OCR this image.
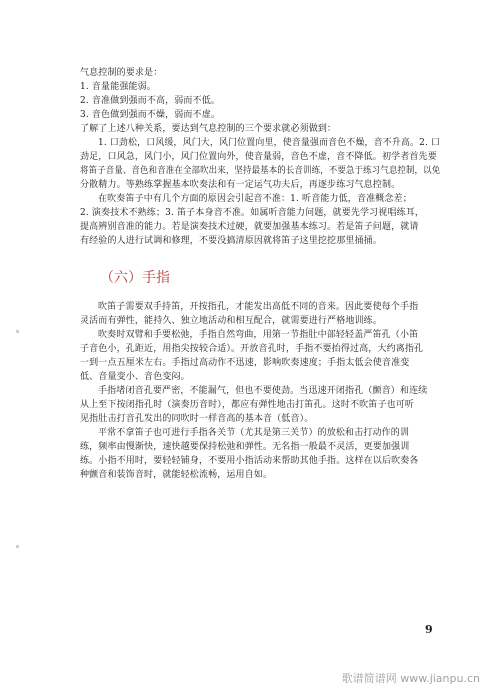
气息控制的要求是：
1. 音量能强能弱。
2. 音准做到强而不高，弱而不低。
3. 音色做到强而不燥，弱而不虚。
了解了上述八种关系，要达到气息控制的三个要求就必须做到：
1. 口劲松，口风缓，风门大，风门位置向里，使音量强而音色不燥，音不升高。2. 口
劲足，口风急，风门小，风门位置向外，使音量弱，音色不虚，音不降低。初学者首先要
将笛子音量、音色和音准在全部吹出来，坚持最基本的长音训练，不要急于练习气息控制，以免
分散精力。等熟练掌握基本吹奏法和有一定运气功夫后，再逐步练习气息控制。
在吹奏笛子中有几个方面的原因会引起音不准：1. 听音能力低，音准概念差；
2. 演奏技术不熟练；3. 笛子本身音不准。如属听音能力问题，就要先学习视唱练耳，
提高辨别音准的能力。若是演奏技术过硬，就要加强基本练习。若是笛子问题，就请
有经验的人进行试调和修理，不要没搞清原因就将笛子这里挖挖那里捅捅。
（六）手指
吹笛子需要双手持笛，开按指孔，才能发出高低不同的音来。因此要使每个手指
灵活而有弹性，能持久、独立地活动和相互配合，就需要进行严格地训练。
吹奏时双臂和手要松弛，手指自然弯曲，用第一节指肚中部轻轻盖严笛孔（小笛
子音色小，孔距近，用指尖按较合适）。开放音孔时，手指不要抬得过高，大约离指孔
一到一点五厘米左右。手指过高动作不迅速，影响吹奏速度；手指太低会使音准变
低、音量变小、音色变闷。
手指堵闭音孔要严密，不能漏气，但也不要使劲。当迅速开闭指孔（颤音）和连续
从上至下按闭指孔时（演奏历音时），都应有弹性地击打笛孔。这时不吹笛子也可听
见指肚击打音孔发出的同吹时一样音高的基本音（低音）。
平常不拿笛子也可进行手指各关节（尤其是第三关节）的放松和击打动作的训
练，频率由慢渐快，速快越要保持松弛和弹性。无名指一般最不灵活，更要加强训
练。小指不用时，要轻轻铺身，不要用小指活动来帮助其他手指。这样在以后吹奏各
种颤音和装饰音时，就能轻松流畅，运用自如。
9
歌谱简谱网 www.jianpu.cn
